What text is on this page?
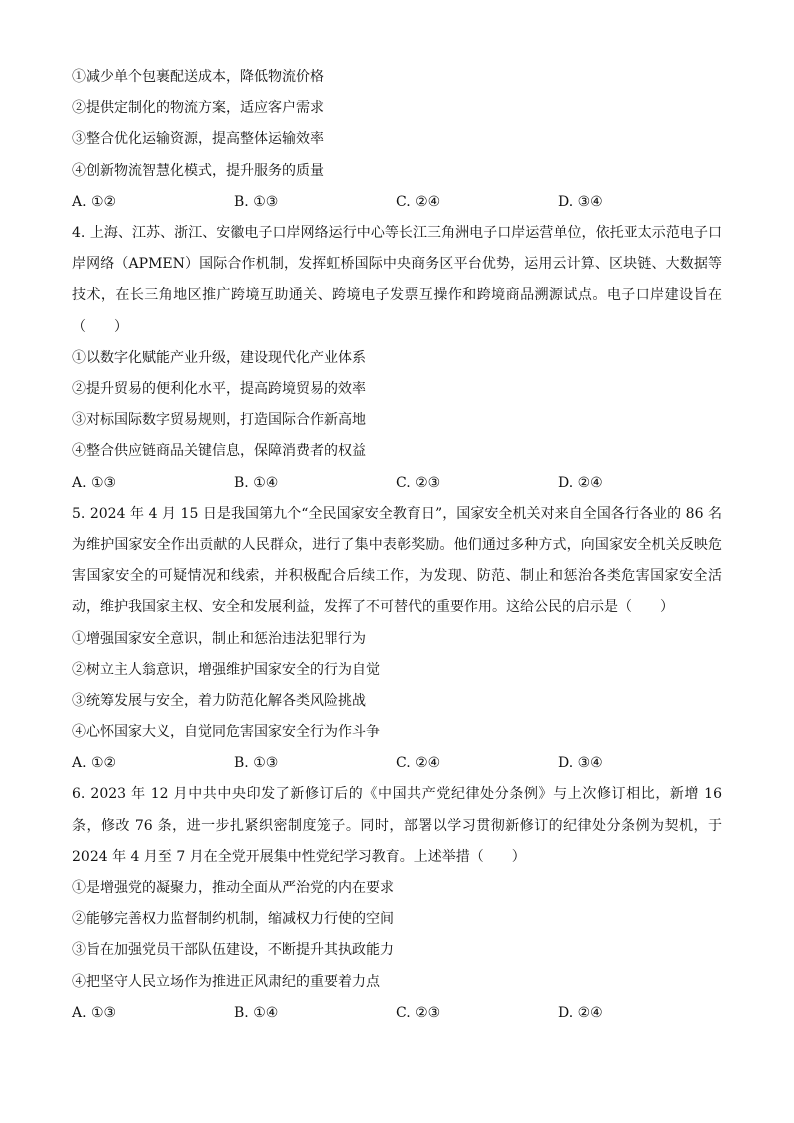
①减少单个包裹配送成本，降低物流价格
②提供定制化的物流方案，适应客户需求
③整合优化运输资源，提高整体运输效率
④创新物流智慧化模式，提升服务的质量
A. ①②	B. ①③	C. ②④	D. ③④
4. 上海、江苏、浙江、安徽电子口岸网络运行中心等长江三角洲电子口岸运营单位，依托亚太示范电子口岸网络（APMEN）国际合作机制，发挥虹桥国际中央商务区平台优势，运用云计算、区块链、大数据等技术，在长三角地区推广跨境互助通关、跨境电子发票互操作和跨境商品溯源试点。电子口岸建设旨在（　　）
①以数字化赋能产业升级，建设现代化产业体系
②提升贸易的便利化水平，提高跨境贸易的效率
③对标国际数字贸易规则，打造国际合作新高地
④整合供应链商品关键信息，保障消费者的权益
A. ①③	B. ①④	C. ②③	D. ②④
5. 2024 年 4 月 15 日是我国第九个“全民国家安全教育日”，国家安全机关对来自全国各行各业的 86 名为维护国家安全作出贡献的人民群众，进行了集中表彰奖励。他们通过多种方式，向国家安全机关反映危害国家安全的可疑情况和线索，并积极配合后续工作，为发现、防范、制止和惩治各类危害国家安全活动，维护我国家主权、安全和发展利益，发挥了不可替代的重要作用。这给公民的启示是（　　）
①增强国家安全意识，制止和惩治违法犯罪行为
②树立主人翁意识，增强维护国家安全的行为自觉
③统筹发展与安全，着力防范化解各类风险挑战
④心怀国家大义，自觉同危害国家安全行为作斗争
A. ①②	B. ①③	C. ②④	D. ③④
6. 2023 年 12 月中共中央印发了新修订后的《中国共产党纪律处分条例》与上次修订相比，新增 16 条，修改 76 条，进一步扎紧织密制度笼子。同时，部署以学习贯彻新修订的纪律处分条例为契机，于 2024 年 4 月至 7 月在全党开展集中性党纪学习教育。上述举措（　　）
①是增强党的凝聚力，推动全面从严治党的内在要求
②能够完善权力监督制约机制，缩减权力行使的空间
③旨在加强党员干部队伍建设，不断提升其执政能力
④把坚守人民立场作为推进正风肃纪的重要着力点
A. ①③	B. ①④	C. ②③	D. ②④
